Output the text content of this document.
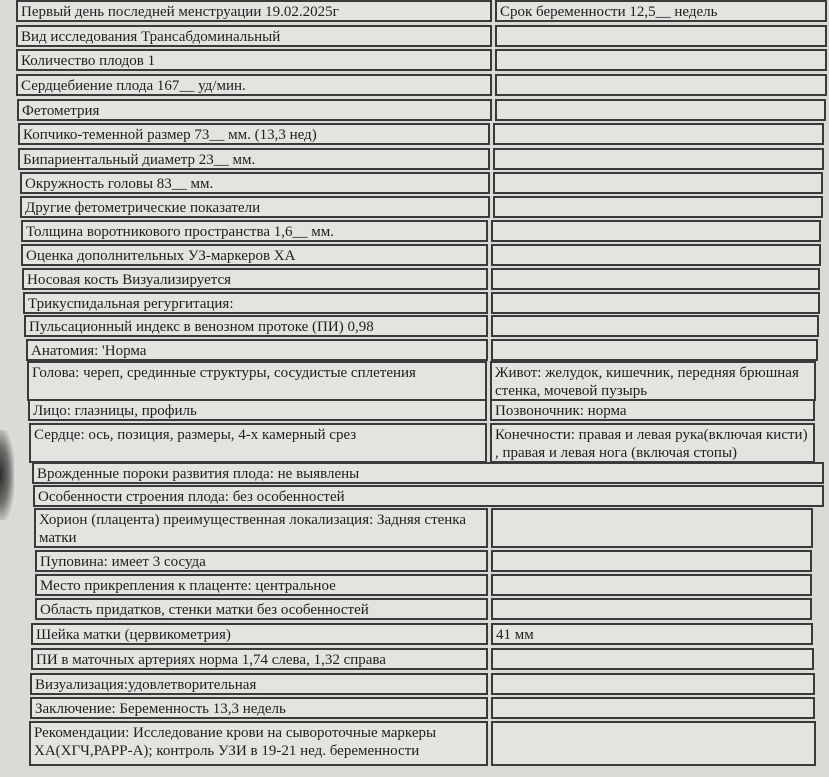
Первый день последней менструации 19.02.2025г	Срок беременности 12,5__ недель
Вид исследования Трансабдоминальный
Количество плодов 1
Сердцебиение плода 167__ уд/мин.
Фетометрия
Копчико-теменной размер 73__ мм. (13,3 нед)
Бипариентальный диаметр 23__ мм.
Окружность головы 83__ мм.
Другие фетометрические показатели
Толщина воротникового пространства 1,6__ мм.
Оценка дополнительных УЗ-маркеров ХА
Носовая кость Визуализируется
Трикуспидальная регургитация:
Пульсационный индекс в венозном протоке (ПИ) 0,98
Анатомия: 'Норма
Голова: череп, срединные структуры, сосудистые сплетения	Живот: желудок, кишечник, передняя брюшная стенка, мочевой пузырь
Лицо: глазницы, профиль	Позвоночник: норма
Сердце: ось, позиция, размеры, 4-х камерный срез	Конечности: правая и левая рука(включая кисти) , правая и левая нога (включая стопы)
Врожденные пороки развития плода: не выявлены
Особенности строения плода: без особенностей
Хорион (плацента) преимущественная локализация: Задняя стенка матки
Пуповина: имеет 3 сосуда
Место прикрепления к плаценте: центральное
Область придатков, стенки матки без особенностей
Шейка матки (цервикометрия)	41 мм
ПИ в маточных артериях норма 1,74 слева, 1,32 справа
Визуализация:удовлетворительная
Заключение: Беременность 13,3 недель
Рекомендации: Исследование крови на сывороточные маркеры ХА(ХГЧ,РАРР-А); контроль УЗИ в 19-21 нед. беременности
